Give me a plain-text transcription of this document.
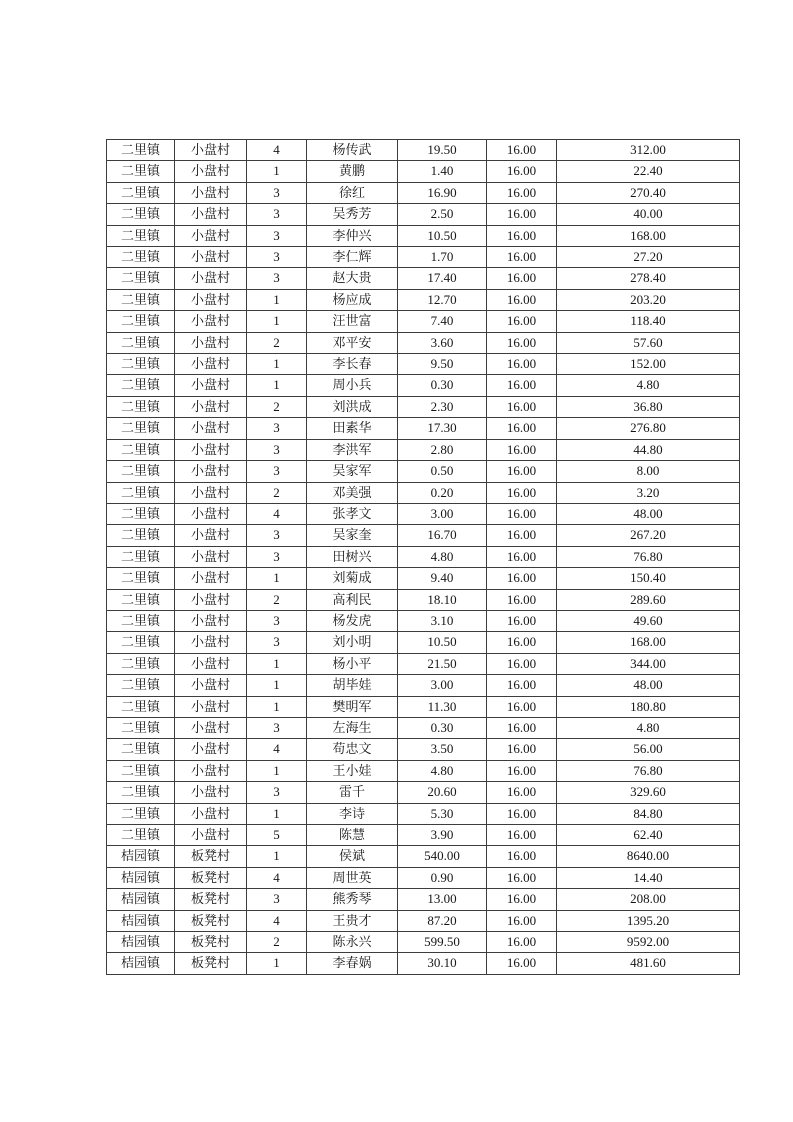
二里镇	小盘村	4	杨传武	19.50	16.00	312.00
二里镇	小盘村	1	黄鹏	1.40	16.00	22.40
二里镇	小盘村	3	徐红	16.90	16.00	270.40
二里镇	小盘村	3	吴秀芳	2.50	16.00	40.00
二里镇	小盘村	3	李仲兴	10.50	16.00	168.00
二里镇	小盘村	3	李仁辉	1.70	16.00	27.20
二里镇	小盘村	3	赵大贵	17.40	16.00	278.40
二里镇	小盘村	1	杨应成	12.70	16.00	203.20
二里镇	小盘村	1	汪世富	7.40	16.00	118.40
二里镇	小盘村	2	邓平安	3.60	16.00	57.60
二里镇	小盘村	1	李长春	9.50	16.00	152.00
二里镇	小盘村	1	周小兵	0.30	16.00	4.80
二里镇	小盘村	2	刘洪成	2.30	16.00	36.80
二里镇	小盘村	3	田素华	17.30	16.00	276.80
二里镇	小盘村	3	李洪军	2.80	16.00	44.80
二里镇	小盘村	3	吴家军	0.50	16.00	8.00
二里镇	小盘村	2	邓美强	0.20	16.00	3.20
二里镇	小盘村	4	张孝文	3.00	16.00	48.00
二里镇	小盘村	3	吴家奎	16.70	16.00	267.20
二里镇	小盘村	3	田树兴	4.80	16.00	76.80
二里镇	小盘村	1	刘菊成	9.40	16.00	150.40
二里镇	小盘村	2	高利民	18.10	16.00	289.60
二里镇	小盘村	3	杨发虎	3.10	16.00	49.60
二里镇	小盘村	3	刘小明	10.50	16.00	168.00
二里镇	小盘村	1	杨小平	21.50	16.00	344.00
二里镇	小盘村	1	胡毕娃	3.00	16.00	48.00
二里镇	小盘村	1	樊明军	11.30	16.00	180.80
二里镇	小盘村	3	左海生	0.30	16.00	4.80
二里镇	小盘村	4	苟忠文	3.50	16.00	56.00
二里镇	小盘村	1	王小娃	4.80	16.00	76.80
二里镇	小盘村	3	雷千	20.60	16.00	329.60
二里镇	小盘村	1	李诗	5.30	16.00	84.80
二里镇	小盘村	5	陈慧	3.90	16.00	62.40
桔园镇	板凳村	1	侯斌	540.00	16.00	8640.00
桔园镇	板凳村	4	周世英	0.90	16.00	14.40
桔园镇	板凳村	3	熊秀琴	13.00	16.00	208.00
桔园镇	板凳村	4	王贵才	87.20	16.00	1395.20
桔园镇	板凳村	2	陈永兴	599.50	16.00	9592.00
桔园镇	板凳村	1	李春娲	30.10	16.00	481.60
